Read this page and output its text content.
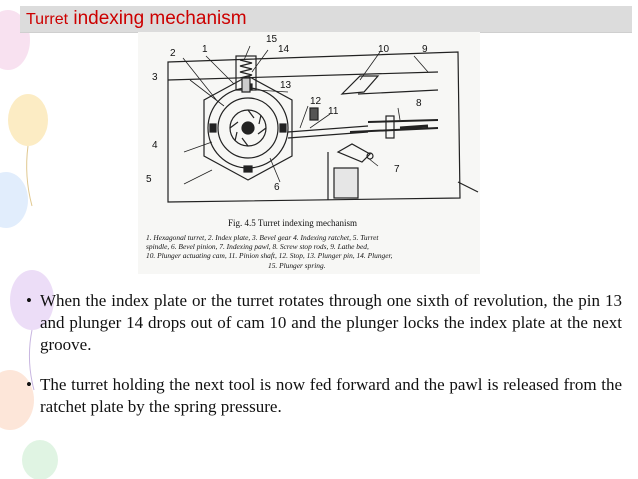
Turret indexing mechanism
15
2	1	14	10	9
3
13
12	8
11
4
5
6
7
Fig. 4.5 Turret indexing mechanism
1. Hexagonal turret, 2. Index plate, 3. Bevel gear 4. Indexing ratchet, 5. Turret
spindle, 6. Bevel pinion, 7. Indexing pawl, 8. Screw stop rods, 9. Lathe bed,
10. Plunger actuating cam, 11. Pinion shaft, 12. Stop, 13. Plunger pin, 14. Plunger,
15. Plunger spring.
• When the index plate or the turret rotates through one sixth of revolution, the pin 13 and plunger 14 drops out of cam 10 and the plunger locks the index plate at the next groove.
• The turret holding the next tool is now fed forward and the pawl is released from the ratchet plate by the spring pressure.
